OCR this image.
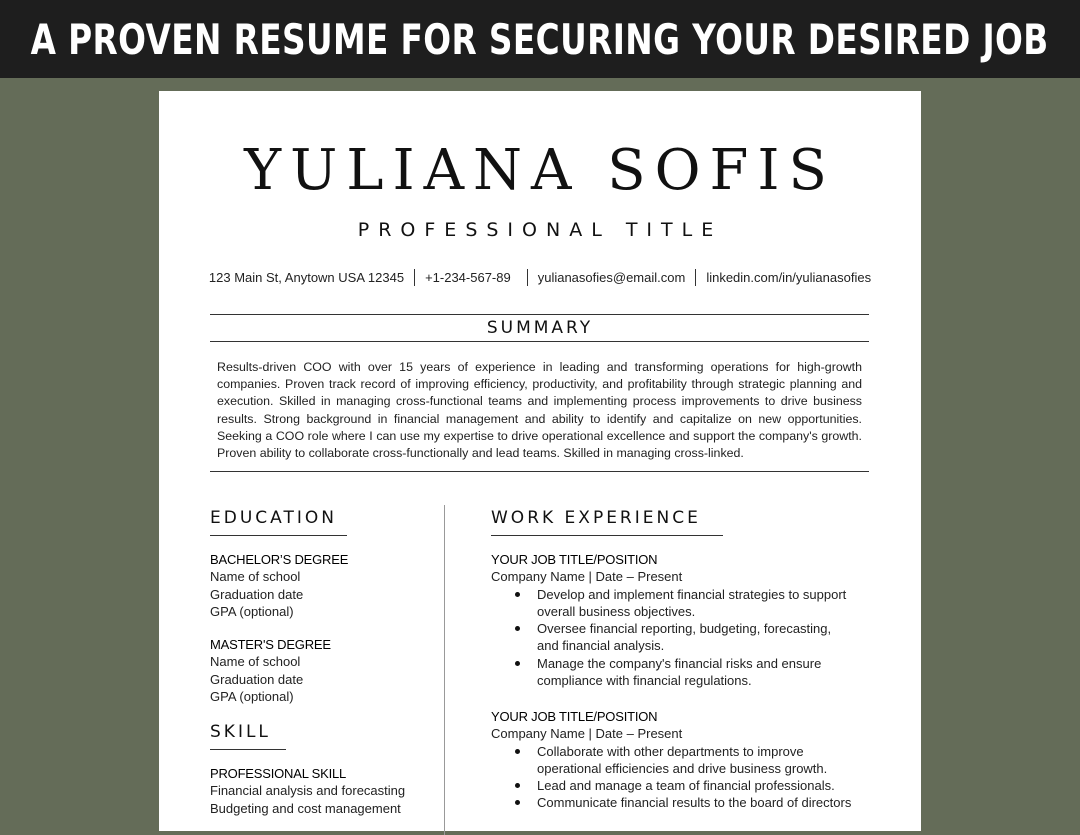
A PROVEN RESUME FOR SECURING YOUR DESIRED JOB
YULIANA SOFIS
PROFESSIONAL TITLE
123 Main St, Anytown USA 12345 +1-234-567-89 yulianasofies@email.com linkedin.com/in/yulianasofies
SUMMARY

Results-driven COO with over 15 years of experience in leading and transforming operations for high-growth companies. Proven track record of improving efficiency, productivity, and profitability through strategic planning and execution. Skilled in managing cross-functional teams and implementing process improvements to drive business results. Strong background in financial management and ability to identify and capitalize on new opportunities. Seeking a COO role where I can use my expertise to drive operational excellence and support the company's growth. Proven ability to collaborate cross-functionally and lead teams. Skilled in managing cross-linked.

EDUCATION
BACHELOR’S DEGREE
Name of school
Graduation date
GPA (optional)
MASTER'S DEGREE
Name of school
Graduation date
GPA (optional)
SKILL
PROFESSIONAL SKILL
Financial analysis and forecasting
Budgeting and cost management
WORK EXPERIENCE
YOUR JOB TITLE/POSITION
Company Name | Date – Present
Develop and implement financial strategies to support overall business objectives.
Oversee financial reporting, budgeting, forecasting, and financial analysis.
Manage the company's financial risks and ensure compliance with financial regulations.
YOUR JOB TITLE/POSITION
Company Name | Date – Present
Collaborate with other departments to improve operational efficiencies and drive business growth.
Lead and manage a team of financial professionals.
Communicate financial results to the board of directors
